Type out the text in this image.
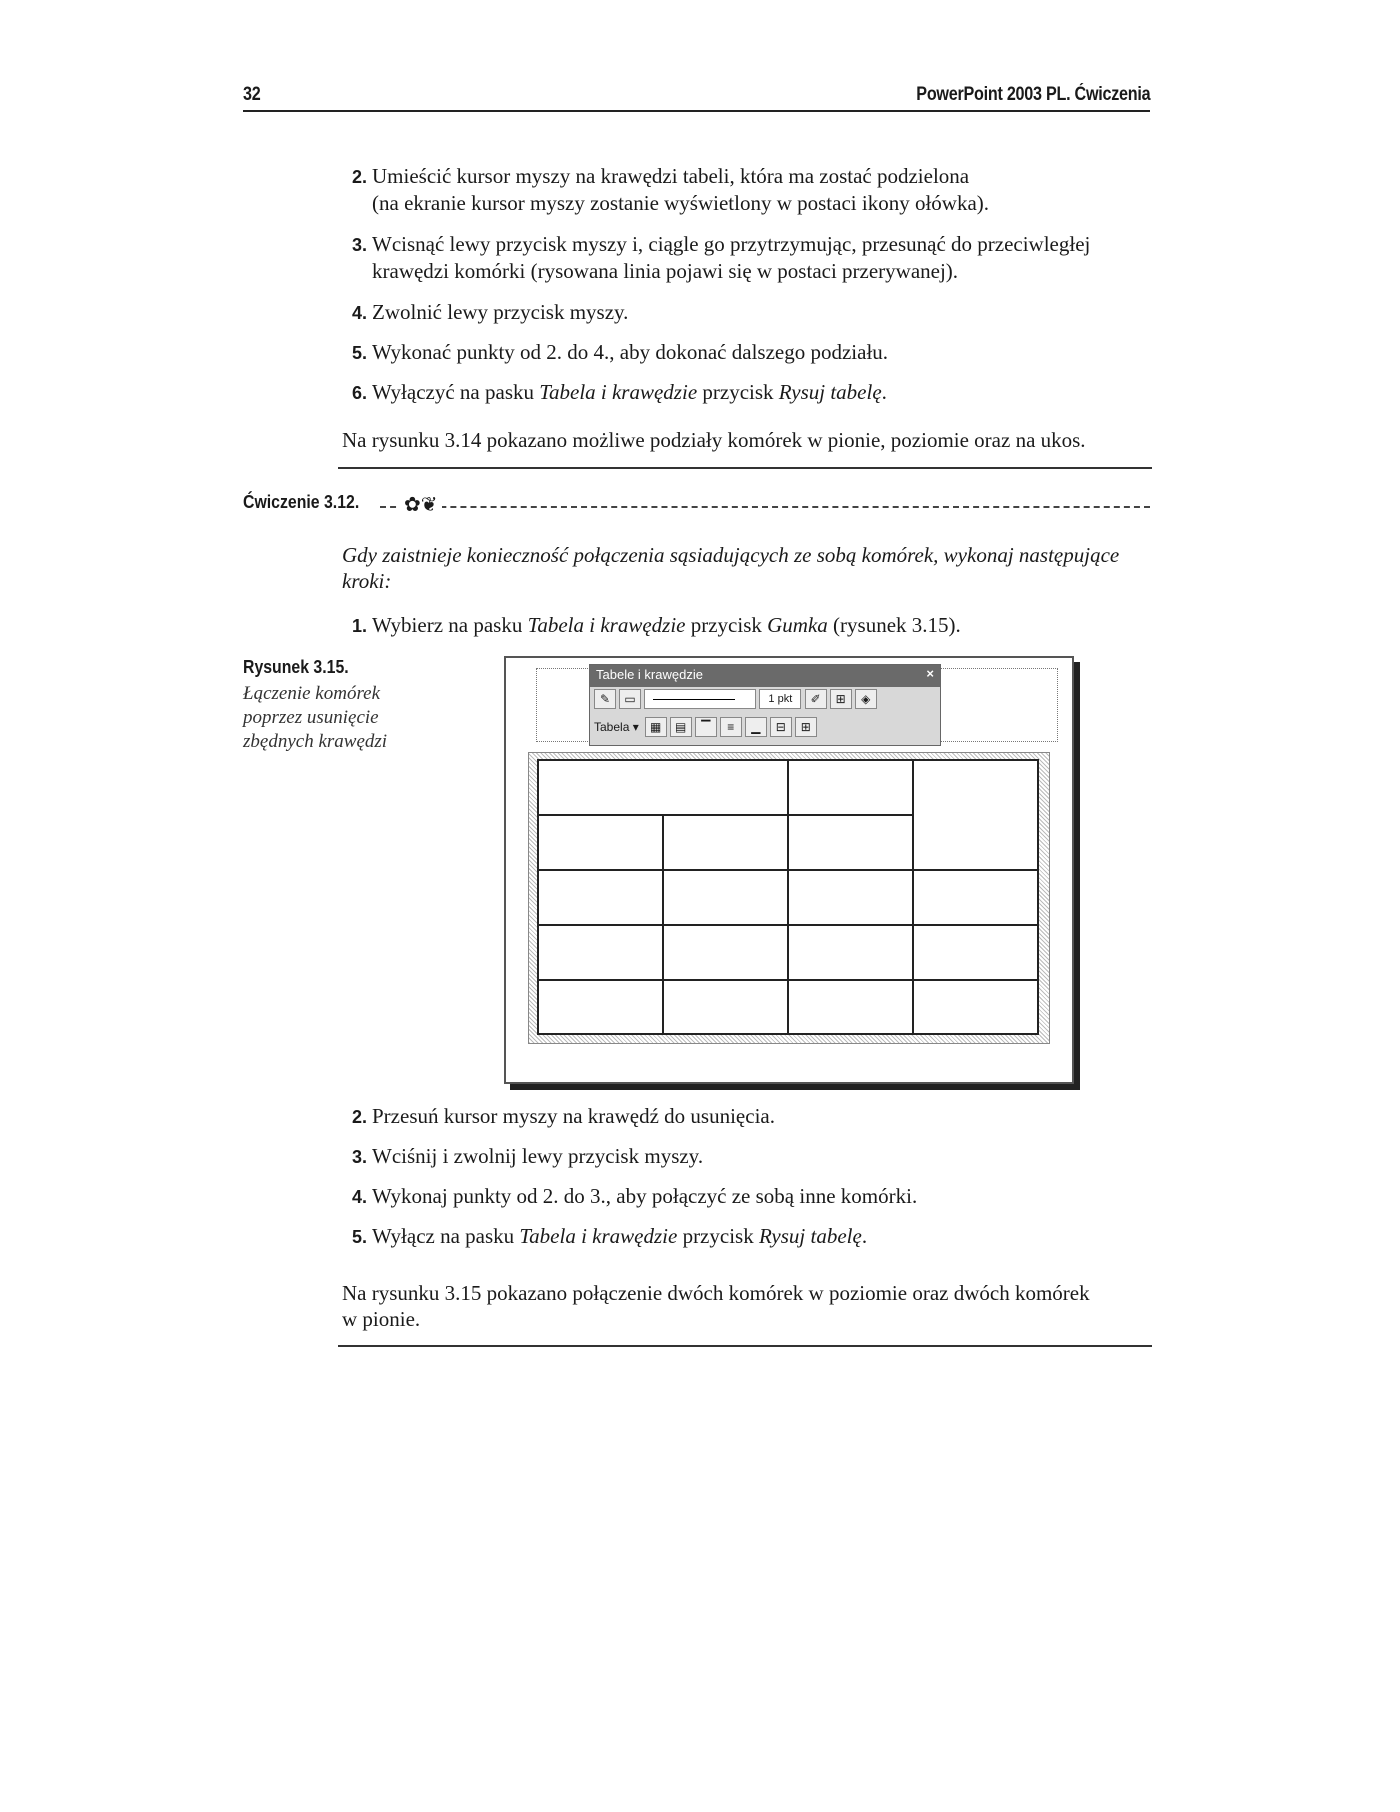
32	PowerPoint 2003 PL. Ćwiczenia
2. Umieścić kursor myszy na krawędzi tabeli, która ma zostać podzielona
(na ekranie kursor myszy zostanie wyświetlony w postaci ikony ołówka).
3. Wcisnąć lewy przycisk myszy i, ciągle go przytrzymując, przesunąć do przeciwległej
krawędzi komórki (rysowana linia pojawi się w postaci przerywanej).
4. Zwolnić lewy przycisk myszy.
5. Wykonać punkty od 2. do 4., aby dokonać dalszego podziału.
6. Wyłączyć na pasku Tabela i krawędzie przycisk Rysuj tabelę.
Na rysunku 3.14 pokazano możliwe podziały komórek w pionie, poziomie oraz na ukos.
Ćwiczenie 3.12. ✿❦
Gdy zaistnieje konieczność połączenia sąsiadujących ze sobą komórek, wykonaj następujące kroki:
1. Wybierz na pasku Tabela i krawędzie przycisk Gumka (rysunek 3.15).
Rysunek 3.15.
Łączenie komórek poprzez usunięcie zbędnych krawędzi
Tabele i krawędzie	×
✎ ▭	1 pkt ✐ ⊞ ◈
Tabela ▾ ▦ ▤ ▔ ≡ ▁ ⊟ ⊞
2. Przesuń kursor myszy na krawędź do usunięcia.
3. Wciśnij i zwolnij lewy przycisk myszy.
4. Wykonaj punkty od 2. do 3., aby połączyć ze sobą inne komórki.
5. Wyłącz na pasku Tabela i krawędzie przycisk Rysuj tabelę.
Na rysunku 3.15 pokazano połączenie dwóch komórek w poziomie oraz dwóch komórek
w pionie.
